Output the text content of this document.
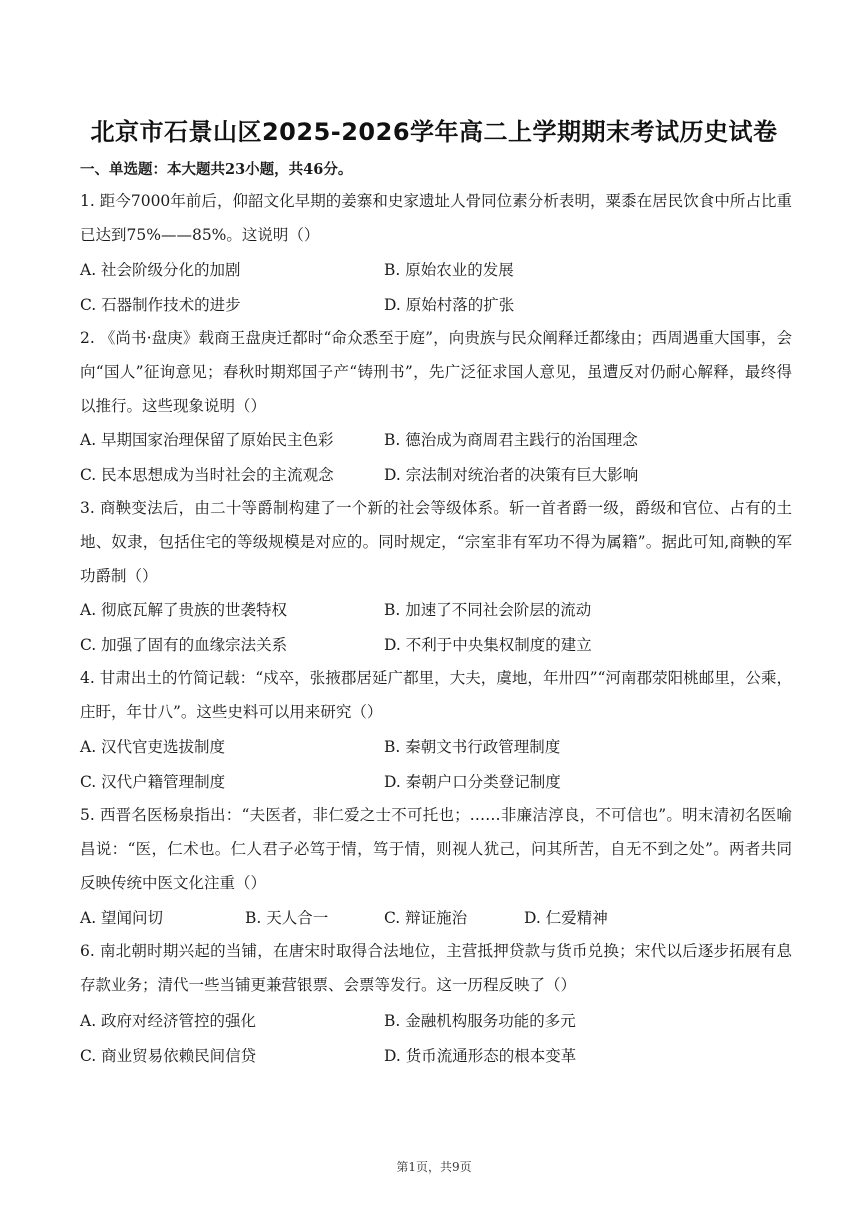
北京市石景山区2025-2026学年高二上学期期末考试历史试卷
一、单选题：本大题共23小题，共46分。
1. 距今7000年前后，仰韶文化早期的姜寨和史家遗址人骨同位素分析表明，粟黍在居民饮食中所占比重已达到75%——85%。这说明（）
A. 社会阶级分化的加剧	B. 原始农业的发展
C. 石器制作技术的进步	D. 原始村落的扩张
2. 《尚书·盘庚》载商王盘庚迁都时“命众悉至于庭”，向贵族与民众阐释迁都缘由；西周遇重大国事，会向“国人”征询意见；春秋时期郑国子产“铸刑书”，先广泛征求国人意见，虽遭反对仍耐心解释，最终得以推行。这些现象说明（）
A. 早期国家治理保留了原始民主色彩	B. 德治成为商周君主践行的治国理念
C. 民本思想成为当时社会的主流观念	D. 宗法制对统治者的决策有巨大影响
3. 商鞅变法后，由二十等爵制构建了一个新的社会等级体系。斩一首者爵一级，爵级和官位、占有的土地、奴隶，包括住宅的等级规模是对应的。同时规定，“宗室非有军功不得为属籍”。据此可知,商鞅的军功爵制（）
A. 彻底瓦解了贵族的世袭特权	B. 加速了不同社会阶层的流动
C. 加强了固有的血缘宗法关系	D. 不利于中央集权制度的建立
4. 甘肃出土的竹简记载：“戍卒，张掖郡居延广都里，大夫，虞地，年卅四”“河南郡荥阳桃邮里，公乘，庄盱，年廿八”。这些史料可以用来研究（）
A. 汉代官吏选拔制度	B. 秦朝文书行政管理制度
C. 汉代户籍管理制度	D. 秦朝户口分类登记制度
5. 西晋名医杨泉指出：“夫医者，非仁爱之士不可托也；……非廉洁淳良，不可信也”。明末清初名医喻昌说：“医，仁术也。仁人君子必笃于情，笃于情，则视人犹己，问其所苦，自无不到之处”。两者共同反映传统中医文化注重（）
A. 望闻问切	B. 天人合一	C. 辩证施治	D. 仁爱精神
6. 南北朝时期兴起的当铺，在唐宋时取得合法地位，主营抵押贷款与货币兑换；宋代以后逐步拓展有息存款业务；清代一些当铺更兼营银票、会票等发行。这一历程反映了（）
A. 政府对经济管控的强化	B. 金融机构服务功能的多元
C. 商业贸易依赖民间信贷	D. 货币流通形态的根本变革
第1页，共9页
